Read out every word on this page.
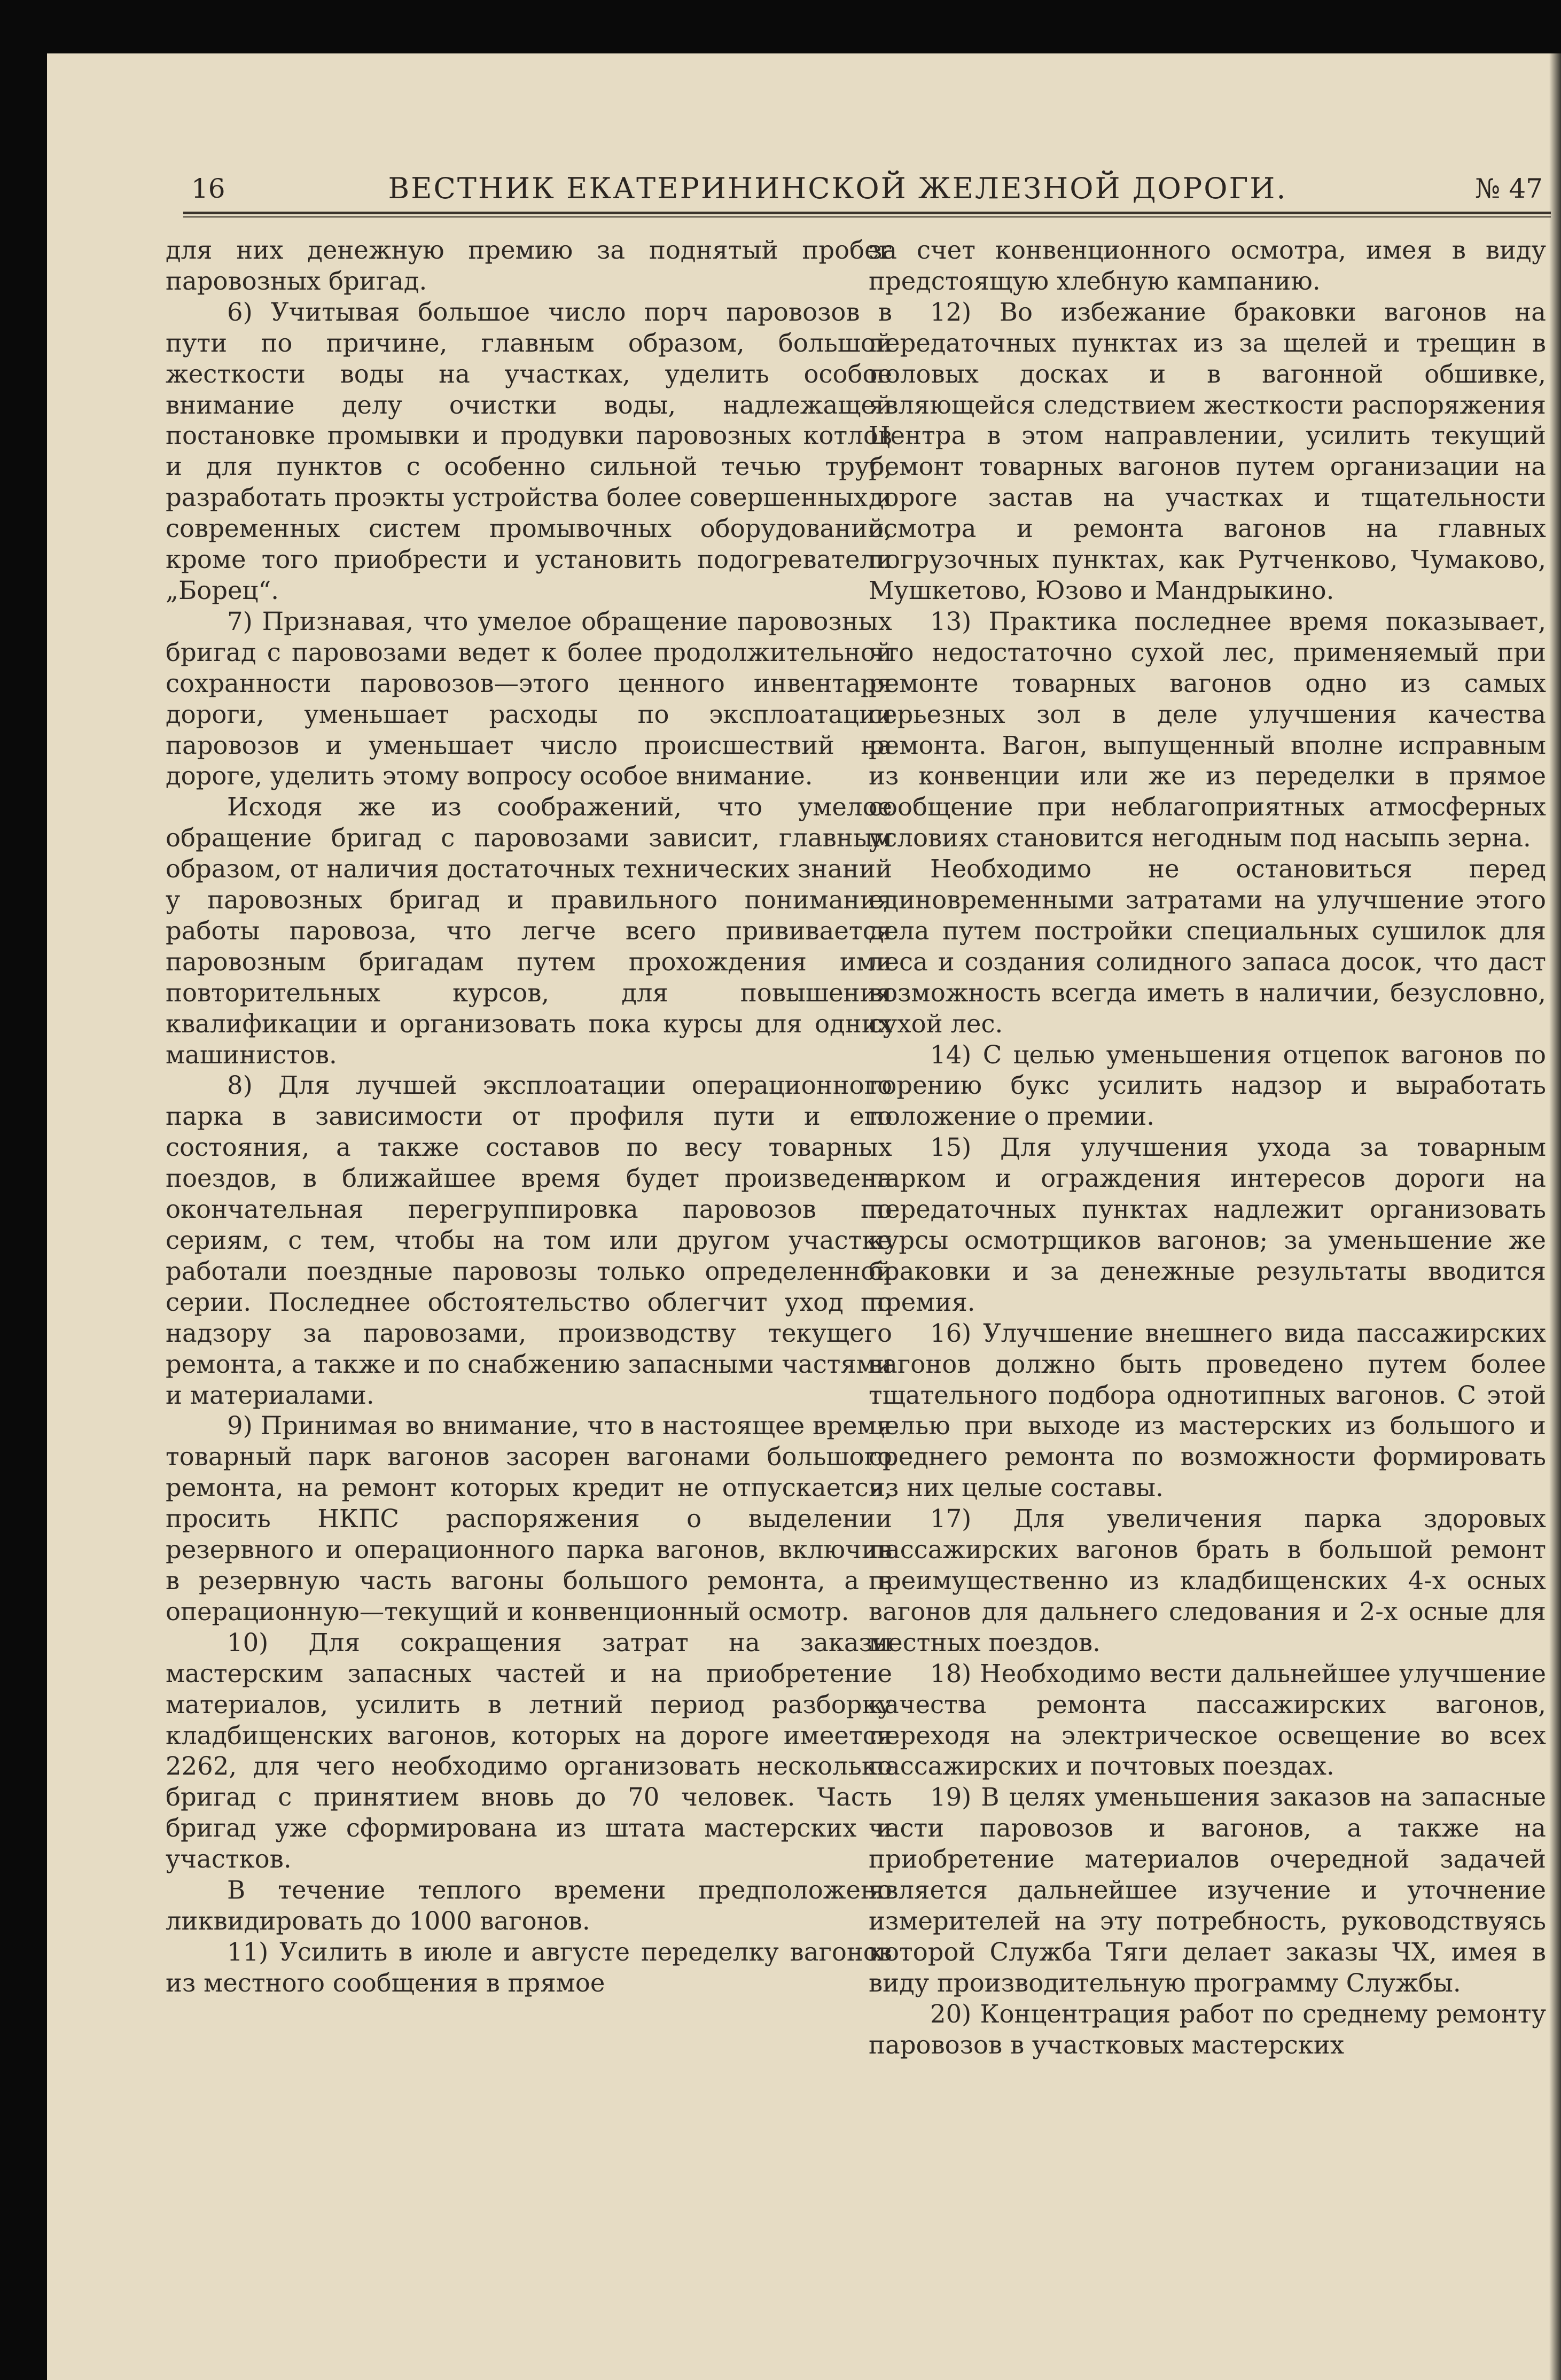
16	ВЕСТНИК ЕКАТЕРИНИНСКОЙ ЖЕЛЕЗНОЙ ДОРОГИ.	№ 47

для них денежную премию за поднятый пробег паровозных бригад.

6) Учитывая большое число порч паровозов в пути по причине, главным образом, большой жесткости воды на участках, уделить особое внимание делу очистки воды, надлежащей постановке промывки и продувки паровозных котлов и для пунктов с особенно сильной течью труб, разработать проэкты устройства более совершенных и современных систем промывочных оборудований, кроме того приобрести и установить подогреватели „Борец“.

7) Признавая, что умелое обращение паровозных бригад с паровозами ведет к более продолжительной сохранности паровозов—этого ценного инвентаря дороги, уменьшает расходы по эксплоатации паровозов и уменьшает число происшествий на дороге, уделить этому вопросу особое внимание.

Исходя же из соображений, что умелое обращение бригад с паровозами зависит, главным образом, от наличия достаточных технических знаний у паровозных бригад и правильного понимания работы паровоза, что легче всего прививается паровозным бригадам путем прохождения ими повторительных курсов, для повышения квалификации и организовать пока курсы для одних машинистов.

8) Для лучшей эксплоатации операционного парка в зависимости от профиля пути и его состояния, а также составов по весу товарных поездов, в ближайшее время будет произведена окончательная перегруппировка паровозов по сериям, с тем, чтобы на том или другом участке работали поездные паровозы только определенной серии. Последнее обстоятельство облегчит уход по надзору за паровозами, производству текущего ремонта, а также и по снабжению запасными частями и материалами.

9) Принимая во внимание, что в настоящее время товарный парк вагонов засорен вагонами большого ремонта, на ремонт которых кредит не отпускается, просить НКПС распоряжения о выделении резервного и операционного парка вагонов, включив в резервную часть вагоны большого ремонта, а в операционную—текущий и конвенционный осмотр.

10) Для сокращения затрат на заказы мастерским запасных частей и на приобретение материалов, усилить в летний период разборку кладбищенских вагонов, которых на дороге имеется 2262, для чего необходимо организовать несколько бригад с принятием вновь до 70 человек. Часть бригад уже сформирована из штата мастерских и участков.

В течение теплого времени предположено ликвидировать до 1000 вагонов.

11) Усилить в июле и августе переделку вагонов из местного сообщения в прямое

за счет конвенционного осмотра, имея в виду предстоящую хлебную кампанию.

12) Во избежание браковки вагонов на передаточных пунктах из за щелей и трещин в половых досках и в вагонной обшивке, являющейся следствием жесткости распоряжения Центра в этом направлении, усилить текущий ремонт товарных вагонов путем организации на дороге застав на участках и тщательности осмотра и ремонта вагонов на главных погрузочных пунктах, как Рутченково, Чумаково, Мушкетово, Юзово и Мандрыкино.

13) Практика последнее время показывает, что недостаточно сухой лес, применяемый при ремонте товарных вагонов одно из самых серьезных зол в деле улучшения качества ремонта. Вагон, выпущенный вполне исправным из конвенции или же из переделки в прямое сообщение при неблагоприятных атмосферных условиях становится негодным под насыпь зерна.

Необходимо не остановиться перед единовременными затратами на улучшение этого дела путем постройки специальных сушилок для леса и создания солидного запаса досок, что даст возможность всегда иметь в наличии, безусловно, сухой лес.

14) С целью уменьшения отцепок вагонов по горению букс усилить надзор и выработать положение о премии.

15) Для улучшения ухода за товарным парком и ограждения интересов дороги на передаточных пунктах надлежит организовать курсы осмотрщиков вагонов; за уменьшение же браковки и за денежные результаты вводится премия.

16) Улучшение внешнего вида пассажирских вагонов должно быть проведено путем более тщательного подбора однотипных вагонов. С этой целью при выходе из мастерских из большого и среднего ремонта по возможности формировать из них целые составы.

17) Для увеличения парка здоровых пассажирских вагонов брать в большой ремонт преимущественно из кладбищенских 4-х осных вагонов для дальнего следования и 2-х осные для местных поездов.

18) Необходимо вести дальнейшее улучшение качества ремонта пассажирских вагонов, переходя на электрическое освещение во всех пассажирских и почтовых поездах.

19) В целях уменьшения заказов на запасные части паровозов и вагонов, а также на приобретение материалов очередной задачей является дальнейшее изучение и уточнение измерителей на эту потребность, руководствуясь которой Служба Тяги делает заказы ЧХ, имея в виду производительную программу Службы.

20) Концентрация работ по среднему ремонту паровозов в участковых мастерских
